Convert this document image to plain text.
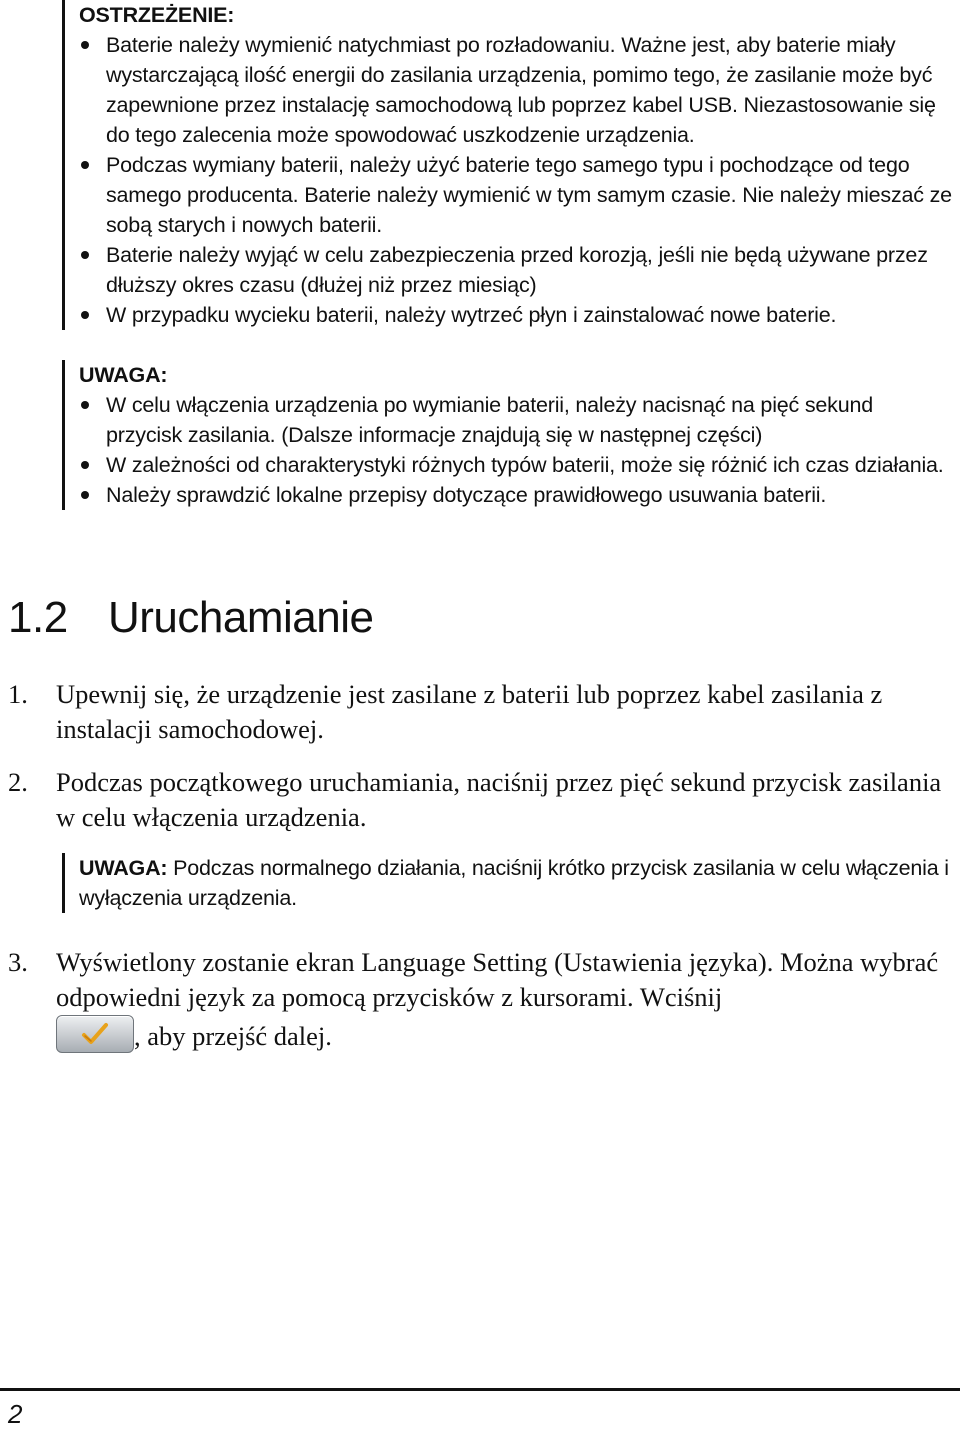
OSTRZEŻENIE:
Baterie należy wymienić natychmiast po rozładowaniu. Ważne jest, aby baterie miały wystarczającą ilość energii do zasilania urządzenia, pomimo tego, że zasilanie może być zapewnione przez instalację samochodową lub poprzez kabel USB. Niezastosowanie się do tego zalecenia może spowodować uszkodzenie urządzenia.
Podczas wymiany baterii, należy użyć baterie tego samego typu i pochodzące od tego samego producenta. Baterie należy wymienić w tym samym czasie. Nie należy mieszać ze sobą starych i nowych baterii.
Baterie należy wyjąć w celu zabezpieczenia przed korozją, jeśli nie będą używane przez dłuższy okres czasu (dłużej niż przez miesiąc)
W przypadku wycieku baterii, należy wytrzeć płyn i zainstalować nowe baterie.
UWAGA:
W celu włączenia urządzenia po wymianie baterii, należy nacisnąć na pięć sekund przycisk zasilania. (Dalsze informacje znajdują się w następnej części)
W zależności od charakterystyki różnych typów baterii, może się różnić ich czas działania.
Należy sprawdzić lokalne przepisy dotyczące prawidłowego usuwania baterii.
1.2 Uruchamianie
1. Upewnij się, że urządzenie jest zasilane z baterii lub poprzez kabel zasilania z instalacji samochodowej.
2. Podczas początkowego uruchamiania, naciśnij przez pięć sekund przycisk zasilania w celu włączenia urządzenia.
UWAGA: Podczas normalnego działania, naciśnij krótko przycisk zasilania w celu włączenia i wyłączenia urządzenia.
3. Wyświetlony zostanie ekran Language Setting (Ustawienia języka). Można wybrać odpowiedni język za pomocą przycisków z kursorami. Wciśnij

, aby przejść dalej.
2
